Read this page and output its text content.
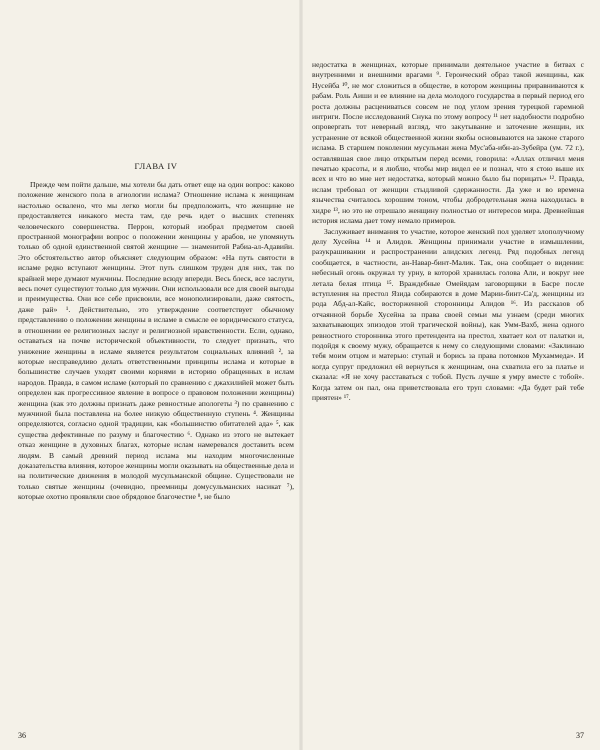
ГЛАВА IV

Прежде чем пойти дальше, мы хотели бы дать ответ еще на один вопрос: каково положение женского пола в агиологии ислама? Отношение ислама к женщинам настолько освалено, что мы легко могли бы предположить, что женщине не предоставляется никакого места там, где речь идет о высших степенях человеческого совершенства. Перрон, который изобрал предметом своей пространной монографии вопрос о положении женщины у арабов, не упомянуть только об одной единственной святой женщине — знаменитой Рабиа-ал-Адавийи. Это обстоятельство автор объясняет следующим образом: «На путь святости в исламе редко вступают женщины. Этот путь слишком труден для них, так по крайней мере думают мужчины. Последние всюду впереди. Весь блеск, все заслуги, весь почет существуют только для мужчин. Они использовали все для своей выгоды и преимущества. Они все себе присвоили, все монополизировали, даже святость, даже рай» ¹. Действительно, это утверждение соответствует обычному представлению о положении женщины в исламе в смысле ее юридического статуса, в отношении ее религиозных заслуг и религиозной нравственности. Если, однако, оставаться на почве исторической объективности, то следует признать, что унижение женщины в исламе является результатом социальных влияний ², за которые несправедливо делать ответственными принципы ислама и которые в большинстве случаев уходят своими корнями в историю обращенных в ислам народов. Правда, в самом исламе (который по сравнению с джахилийей может быть определен как прогрессивное явление в вопросе о правовом положении женщины) женщина (как это должны признать даже ревностные апологеты ³) по сравнению с мужчиной была поставлена на более низкую общественную ступень ⁴. Женщины определяются, согласно одной традиции, как «большинство обитателей ада» ⁵, как существа дефективные по разуму и благочестию ⁶. Однако из этого не вытекает отказ женщине в духовных благах, которые ислам намеревался доставить всем людям. В самый древний период ислама мы находим многочисленные доказательства влияния, которое женщины могли оказывать на общественные дела и на политические движения в молодой мусульманской общине. Существовали не только святые женщины (очевидно, преемницы домусульманских насикат ⁷), которые охотно проявляли свое обрядовое благочестие ⁸, не было

36

недостатка в женщинах, которые принимали деятельное участие в битвах с внутренними и внешними врагами ⁹. Героический образ такой женщины, как Нусейба ¹⁰, не мог сложиться в обществе, в котором женщины приравниваются к рабам. Роль Аиши и ее влияние на дела молодого государства в первый период его роста должны расцениваться совсем не под углом зрения турецкой гаремной интриги. После исследований Снука по этому вопросу ¹¹ нет надобности подробно опровергать тот неверный взгляд, что закутывание и заточение женщин, их устранение от всякой общественной жизни якобы основываются на законе старого ислама. В старшем поколении мусульман жена Мус'аба-ибн-аз-Зубейра (ум. 72 г.), оставлявшая свое лицо открытым перед всеми, говорила: «Аллах отличил меня печатью красоты, и я люблю, чтобы мир видел ее и познал, что я стою выше их всех и что во мне нет недостатка, который можно было бы порицать» ¹². Правда, ислам требовал от женщин стыдливой сдержанности. Да уже и во времена язычества считалось хорошим тоном, чтобы добродетельная жена находилась в хидре ¹³, но это не отрешало женщину полностью от интересов мира. Древнейшая история ислама дает тому немало примеров.

Заслуживает внимания то участие, которое женский пол уделяет злополучному делу Хусейна ¹⁴ и Алидов. Женщины принимали участие в измышлении, разукрашивании и распространении алидских легенд. Ряд подобных легенд сообщается, в частности, ан-Навар-бинт-Малик. Так, она сообщает о видении: небесный огонь окружал ту урну, в которой хранилась голова Али, и вокруг нее летала белая птица ¹⁵. Враждебные Омейядам заговорщики в Басре после вступления на престол Язида собираются в доме Марии-бинт-Са'д, женщины из рода Абд-ал-Кайс, восторженной сторонницы Алидов ¹⁶. Из рассказов об отчаянной борьбе Хусейна за права своей семьи мы узнаем (среди многих захватывающих эпизодов этой трагической войны), как Умм-Вахб, жена одного ревностного сторонника этого претендента на престол, хватает кол от палатки и, подойдя к своему мужу, обращается к нему со следующими словами: «Заклинаю тебя моим отцом и матерью: ступай и борись за права потомков Мухаммеда». И когда супруг предложил ей вернуться к женщинам, она схватила его за платье и сказала: «Я не хочу расставаться с тобой. Пусть лучше я умру вместе с тобой». Когда затем он пал, она приветствовала его труп словами: «Да будет рай тебе приятен» ¹⁷.

37
